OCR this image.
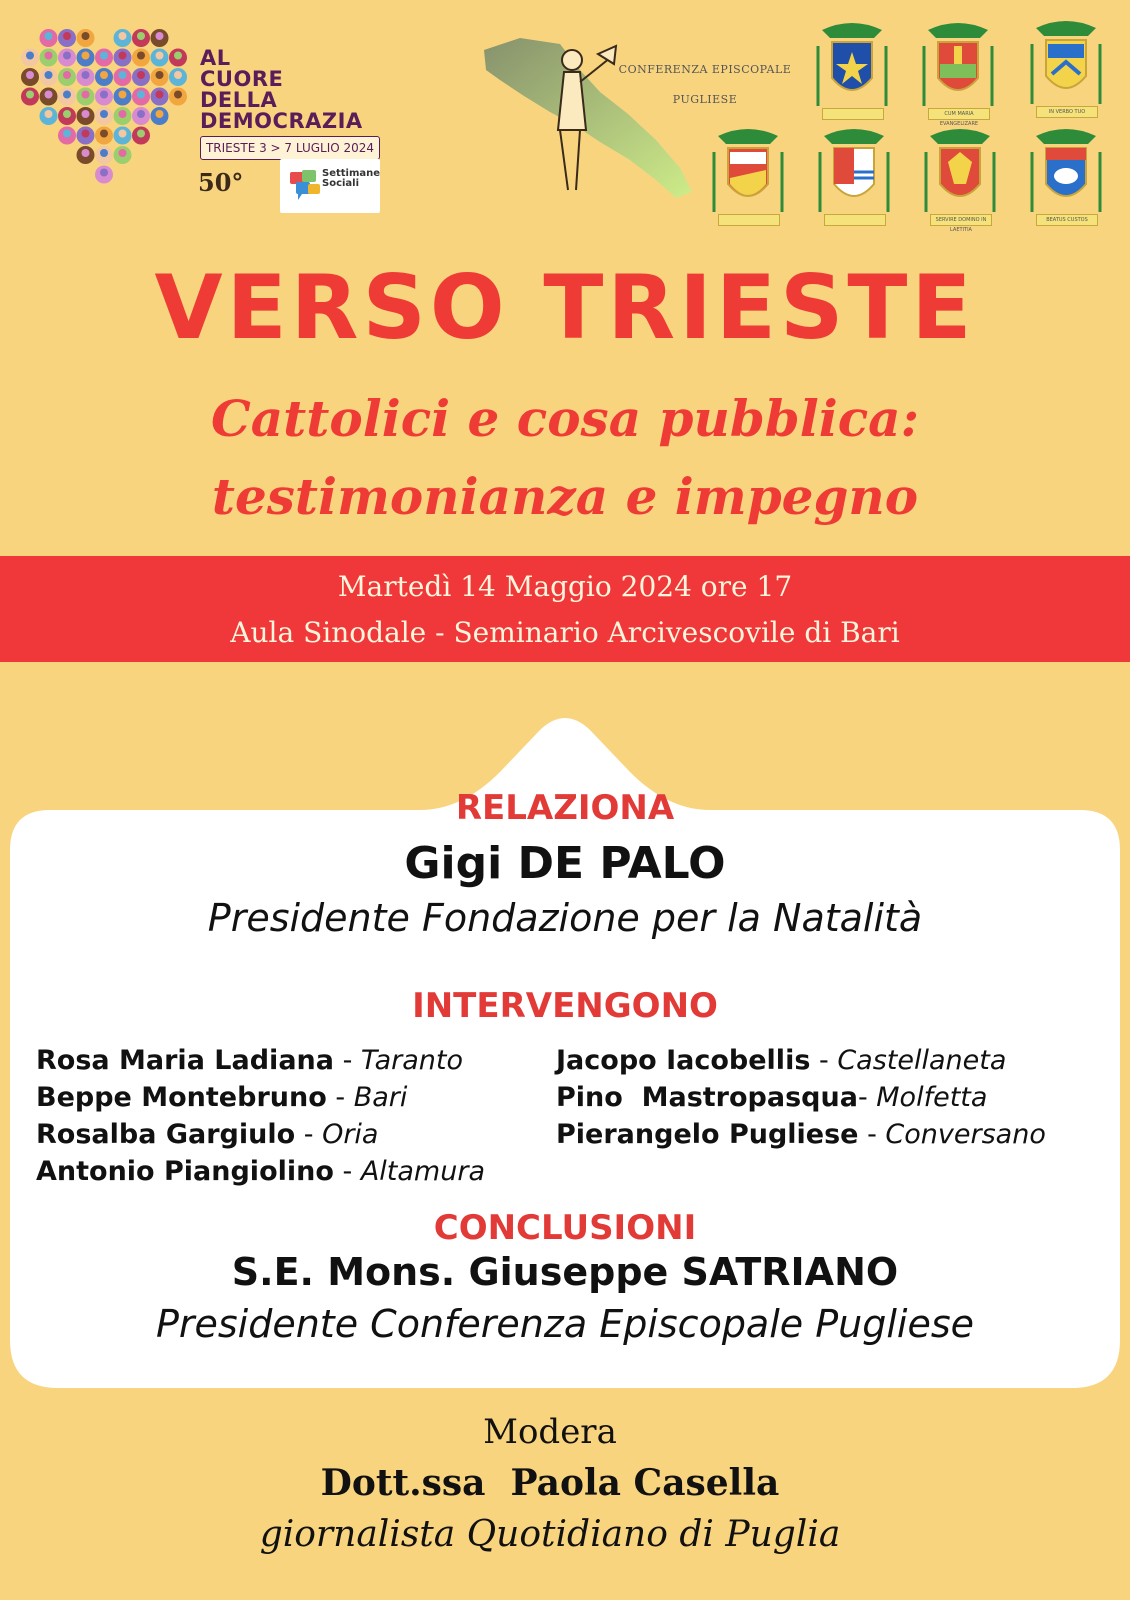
AL
CUORE
DELLA
DEMOCRAZIA
TRIESTE 3 > 7 LUGLIO 2024
50°	Settimane Sociali
CONFERENZA EPISCOPALE
PUGLIESE
CUM MARIA EVANGELIZARE
IN VERBO TUO
SERVIRE DOMINO IN LAETITIA
BEATUS CUSTOS
VERSO TRIESTE
Cattolici e cosa pubblica:
testimonianza e impegno
Martedì 14 Maggio 2024 ore 17
Aula Sinodale - Seminario Arcivescovile di Bari
RELAZIONA
Gigi DE PALO
Presidente Fondazione per la Natalità
INTERVENGONO
Rosa Maria Ladiana - Taranto
Beppe Montebruno - Bari
Rosalba Gargiulo - Oria
Antonio Piangiolino - Altamura
Jacopo Iacobellis - Castellaneta
Pino  Mastropasqua- Molfetta
Pierangelo Pugliese - Conversano
CONCLUSIONI
S.E. Mons. Giuseppe SATRIANO
Presidente Conferenza Episcopale Pugliese
Modera
Dott.ssa  Paola Casella
giornalista Quotidiano di Puglia
